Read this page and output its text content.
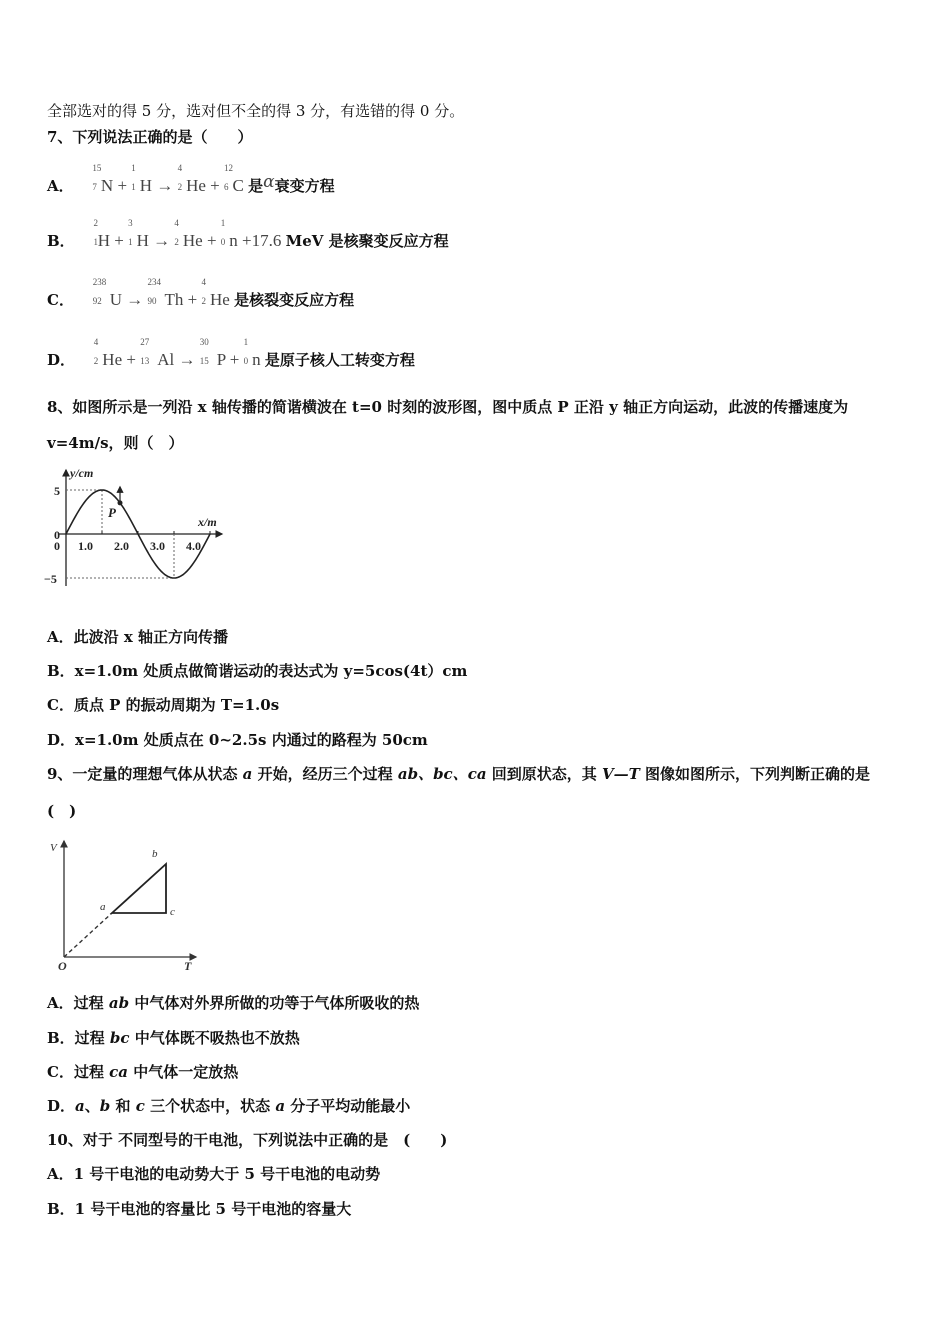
全部选对的得 5 分，选对但不全的得 3 分，有选错的得 0 分。
7、下列说法正确的是（　　）
A．
15
7 N +
1
1 H →
4
2 He +
12
6 C 是α衰变方程
B．
2
1 H +
3
1 H →
4
2 He +
1
0 n +17.6 MeV 是核聚变反应方程
C．
238
92 U →
234
90 Th +
4
2 He 是核裂变反应方程
D．
4
2 He +
27
13 Al →
30
15 P +
1
0 n 是原子核人工转变方程
8、如图所示是一列沿 x 轴传播的简谐横波在 t=0 时刻的波形图，图中质点 P 正沿 y 轴正方向运动，此波的传播速度为
v=4m/s，则（　）
P
y/cm
x/m
5
0
−5
1.0 2.0 3.0 4.0
0
A．此波沿 x 轴正方向传播
B．x=1.0m 处质点做简谐运动的表达式为 y=5cos(4t）cm
C．质点 P 的振动周期为 T=1.0s
D．x=1.0m 处质点在 0~2.5s 内通过的路程为 50cm
9、一定量的理想气体从状态 a 开始，经历三个过程 ab、bc、ca 回到原状态，其 V—T 图像如图所示，下列判断正确的是
(　)
V
T
O
a
b
c
A．过程 ab 中气体对外界所做的功等于气体所吸收的热
B．过程 bc 中气体既不吸热也不放热
C．过程 ca 中气体一定放热
D．a、b 和 c 三个状态中，状态 a 分子平均动能最小
10、对于 不同型号的干电池，下列说法中正确的是　(　　)
A．1 号干电池的电动势大于 5 号干电池的电动势
B．1 号干电池的容量比 5 号干电池的容量大
